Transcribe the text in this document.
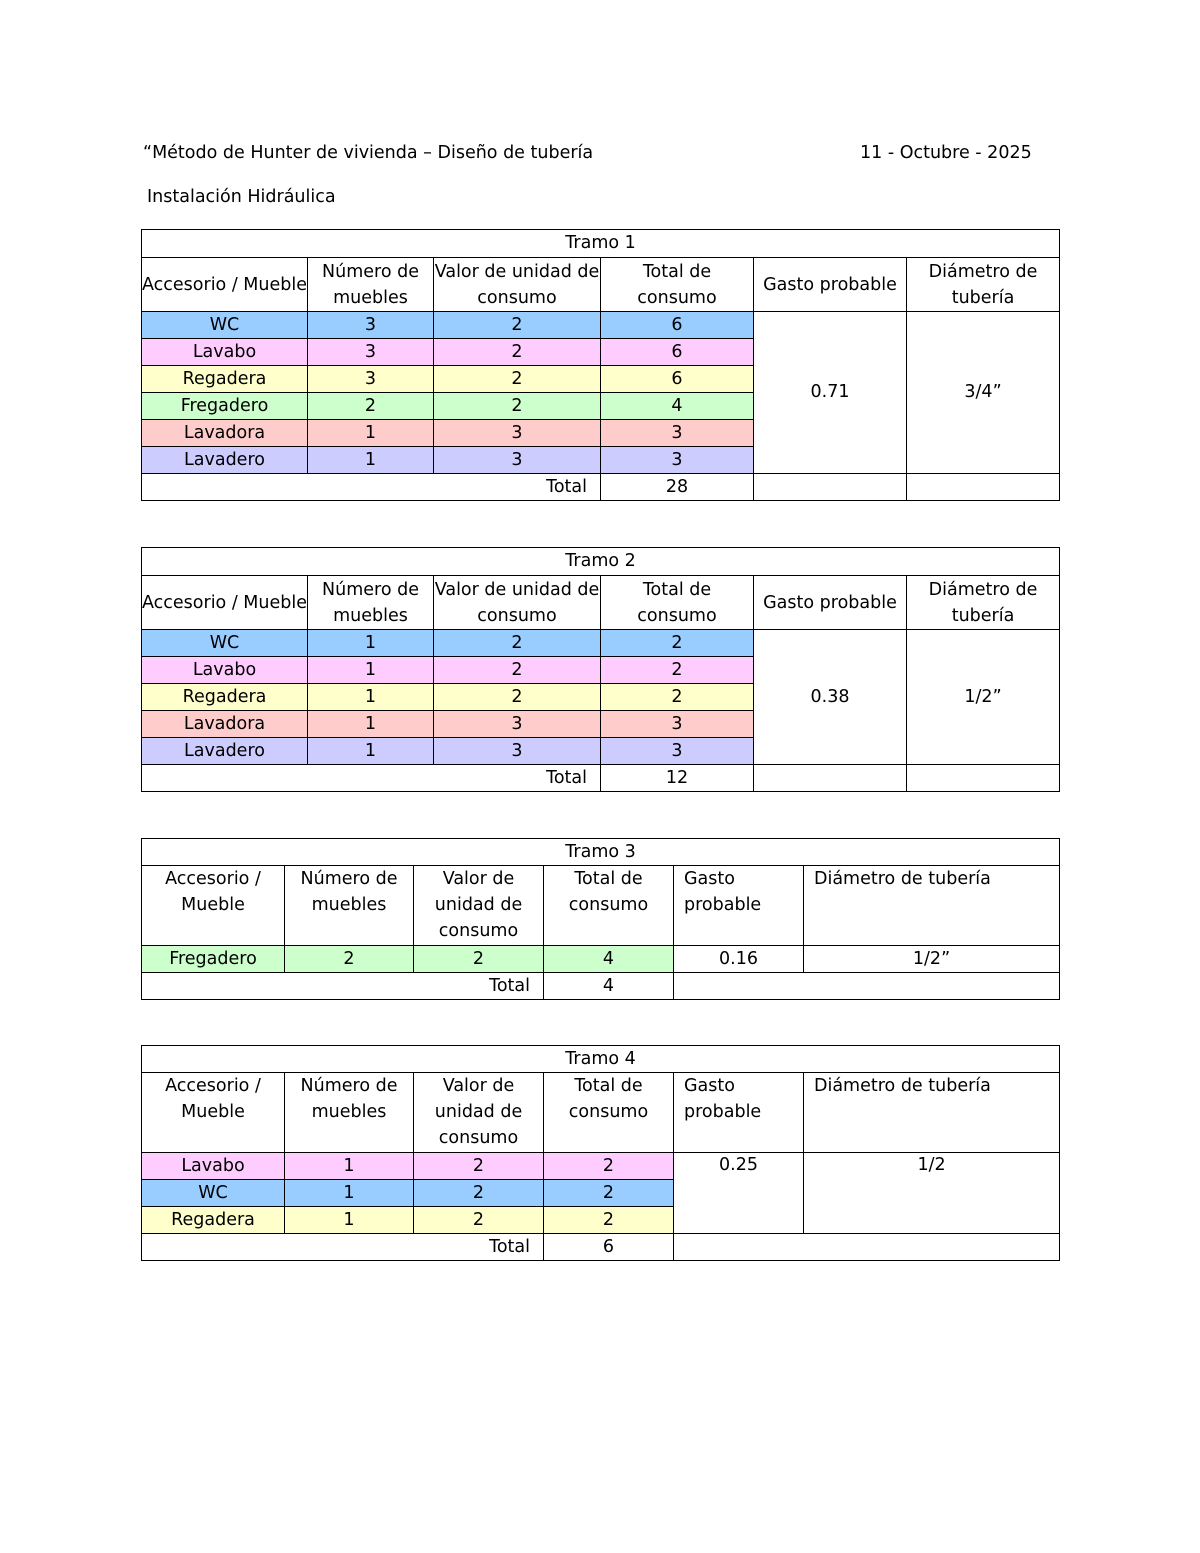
“Método de Hunter de vivienda – Diseño de tubería	11 - Octubre - 2025
Instalación Hidráulica
Tramo 1					
Accesorio / Mueble	Número de muebles	Valor de unidad de consumo	Total de consumo	Gasto probable	Diámetro de tubería
WC	3	2	6	0.71	3/4”
Lavabo	3	2	6		
Regadera	3	2	6		
Fregadero	2	2	4		
Lavadora	1	3	3		
Lavadero	1	3	3		
Total			28		
Tramo 2					
Accesorio / Mueble	Número de muebles	Valor de unidad de consumo	Total de consumo	Gasto probable	Diámetro de tubería
WC	1	2	2	0.38	1/2”
Lavabo	1	2	2		
Regadera	1	2	2		
Lavadora	1	3	3		
Lavadero	1	3	3		
Total			12		
Tramo 3					
Accesorio / Mueble	Número de muebles	Valor de unidad de consumo	Total de consumo	Gasto probable	Diámetro de tubería
Fregadero	2	2	4	0.16	1/2”
Total			4		
Tramo 4					
Accesorio / Mueble	Número de muebles	Valor de unidad de consumo	Total de consumo	Gasto probable	Diámetro de tubería
Lavabo	1	2	2	0.25	1/2
WC	1	2	2		
Regadera	1	2	2		
Total			6		
